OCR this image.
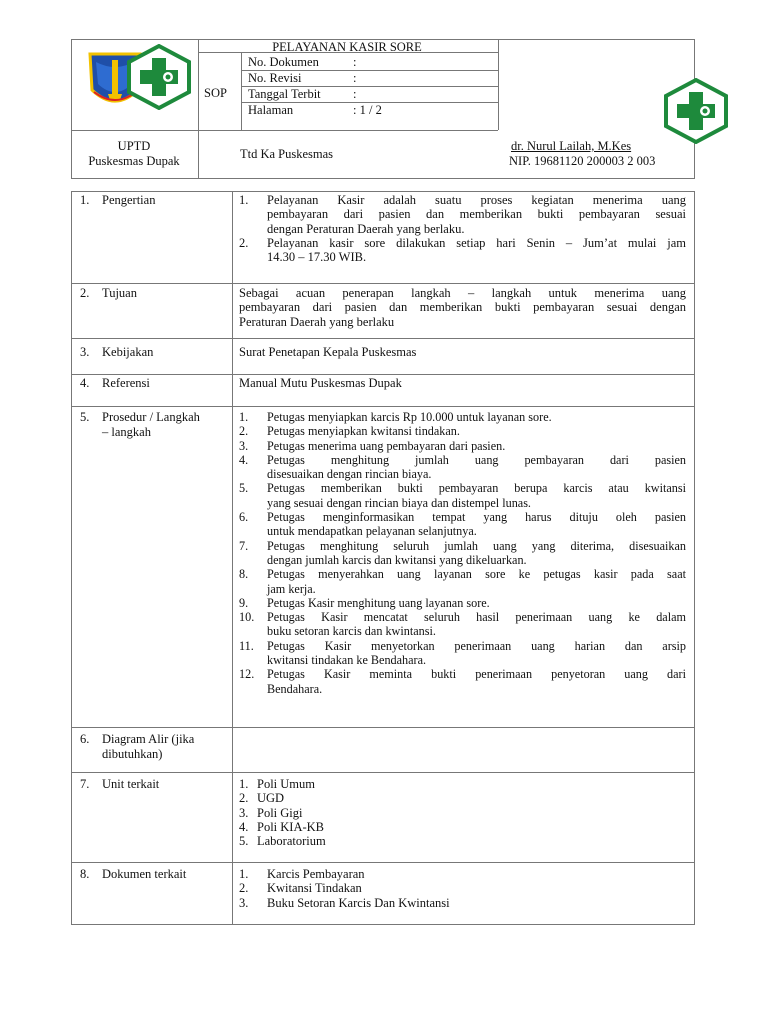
PELAYANAN KASIR SORE
SOP
No. Dokumen	:
No. Revisi	:
Tanggal Terbit	:
Halaman	: 1 / 2
UPTD
Puskesmas Dupak	Ttd Ka Puskesmas
dr. Nurul Lailah, M.Kes
NIP. 19681120 200003 2 003
1.	Pengertian	1.	Pelayanan Kasir adalah suatu proses kegiatan menerima uang
pembayaran dari pasien dan memberikan bukti pembayaran sesuai
dengan Peraturan Daerah yang berlaku.
2.	Pelayanan kasir sore dilakukan setiap hari Senin – Jum’at mulai jam
14.30 – 17.30 WIB.
2.	Tujuan	Sebagai acuan penerapan langkah – langkah untuk menerima uang
pembayaran dari pasien dan memberikan bukti pembayaran sesuai dengan
Peraturan Daerah yang berlaku
3.	Kebijakan	Surat Penetapan Kepala Puskesmas
4.	Referensi	Manual Mutu Puskesmas Dupak
5.	Prosedur / Langkah
– langkah
1.	Petugas menyiapkan karcis Rp 10.000 untuk layanan sore.
2.	Petugas menyiapkan kwitansi tindakan.
3.	Petugas menerima uang pembayaran dari pasien.
4.	Petugas menghitung jumlah uang pembayaran dari pasien
disesuaikan dengan rincian biaya.
5.	Petugas memberikan bukti pembayaran berupa karcis atau kwitansi
yang sesuai dengan rincian biaya dan distempel lunas.
6.	Petugas menginformasikan tempat yang harus dituju oleh pasien
untuk mendapatkan pelayanan selanjutnya.
7.	Petugas menghitung seluruh jumlah uang yang diterima, disesuaikan
dengan jumlah karcis dan kwitansi yang dikeluarkan.
8.	Petugas menyerahkan uang layanan sore ke petugas kasir pada saat
jam kerja.
9.	Petugas Kasir menghitung uang layanan sore.
10.	Petugas Kasir mencatat seluruh hasil penerimaan uang ke dalam
buku setoran karcis dan kwintansi.
11.	Petugas Kasir menyetorkan penerimaan uang harian dan arsip
kwitansi tindakan ke Bendahara.
12.	Petugas Kasir meminta bukti penerimaan penyetoran uang dari
Bendahara.
6.	Diagram Alir (jika
dibutuhkan)
7.	Unit terkait	1. Poli Umum
2. UGD
3. Poli Gigi
4. Poli KIA-KB
5. Laboratorium
8.	Dokumen terkait	1.	Karcis Pembayaran
2.	Kwitansi Tindakan
3.	Buku Setoran Karcis Dan Kwintansi
